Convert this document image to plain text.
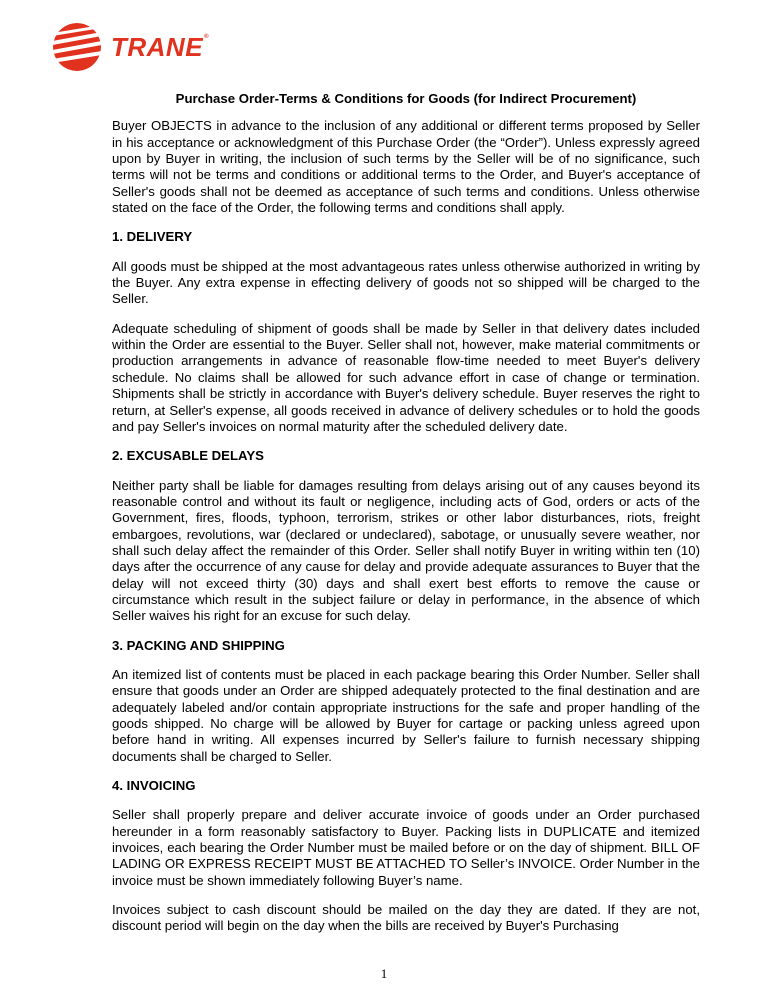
TRANE®
Purchase Order-Terms & Conditions for Goods (for Indirect Procurement)

Buyer OBJECTS in advance to the inclusion of any additional or different terms proposed by Seller in his acceptance or acknowledgment of this Purchase Order (the “Order”). Unless expressly agreed upon by Buyer in writing, the inclusion of such terms by the Seller will be of no significance, such terms will not be terms and conditions or additional terms to the Order, and Buyer's acceptance of Seller's goods shall not be deemed as acceptance of such terms and conditions. Unless otherwise stated on the face of the Order, the following terms and conditions shall apply.

1. DELIVERY

All goods must be shipped at the most advantageous rates unless otherwise authorized in writing by the Buyer. Any extra expense in effecting delivery of goods not so shipped will be charged to the Seller.

Adequate scheduling of shipment of goods shall be made by Seller in that delivery dates included within the Order are essential to the Buyer. Seller shall not, however, make material commitments or production arrangements in advance of reasonable flow-time needed to meet Buyer's delivery schedule. No claims shall be allowed for such advance effort in case of change or termination. Shipments shall be strictly in accordance with Buyer's delivery schedule. Buyer reserves the right to return, at Seller's expense, all goods received in advance of delivery schedules or to hold the goods and pay Seller's invoices on normal maturity after the scheduled delivery date.

2. EXCUSABLE DELAYS

Neither party shall be liable for damages resulting from delays arising out of any causes beyond its reasonable control and without its fault or negligence, including acts of God, orders or acts of the Government, fires, floods, typhoon, terrorism, strikes or other labor disturbances, riots, freight embargoes, revolutions, war (declared or undeclared), sabotage, or unusually severe weather, nor shall such delay affect the remainder of this Order. Seller shall notify Buyer in writing within ten (10) days after the occurrence of any cause for delay and provide adequate assurances to Buyer that the delay will not exceed thirty (30) days and shall exert best efforts to remove the cause or circumstance which result in the subject failure or delay in performance, in the absence of which Seller waives his right for an excuse for such delay.

3. PACKING AND SHIPPING

An itemized list of contents must be placed in each package bearing this Order Number. Seller shall ensure that goods under an Order are shipped adequately protected to the final destination and are adequately labeled and/or contain appropriate instructions for the safe and proper handling of the goods shipped. No charge will be allowed by Buyer for cartage or packing unless agreed upon before hand in writing. All expenses incurred by Seller's failure to furnish necessary shipping documents shall be charged to Seller.

4. INVOICING

Seller shall properly prepare and deliver accurate invoice of goods under an Order purchased hereunder in a form reasonably satisfactory to Buyer. Packing lists in DUPLICATE and itemized invoices, each bearing the Order Number must be mailed before or on the day of shipment. BILL OF LADING OR EXPRESS RECEIPT MUST BE ATTACHED TO Seller’s INVOICE. Order Number in the invoice must be shown immediately following Buyer’s name.

Invoices subject to cash discount should be mailed on the day they are dated. If they are not, discount period will begin on the day when the bills are received by Buyer's Purchasing

1
